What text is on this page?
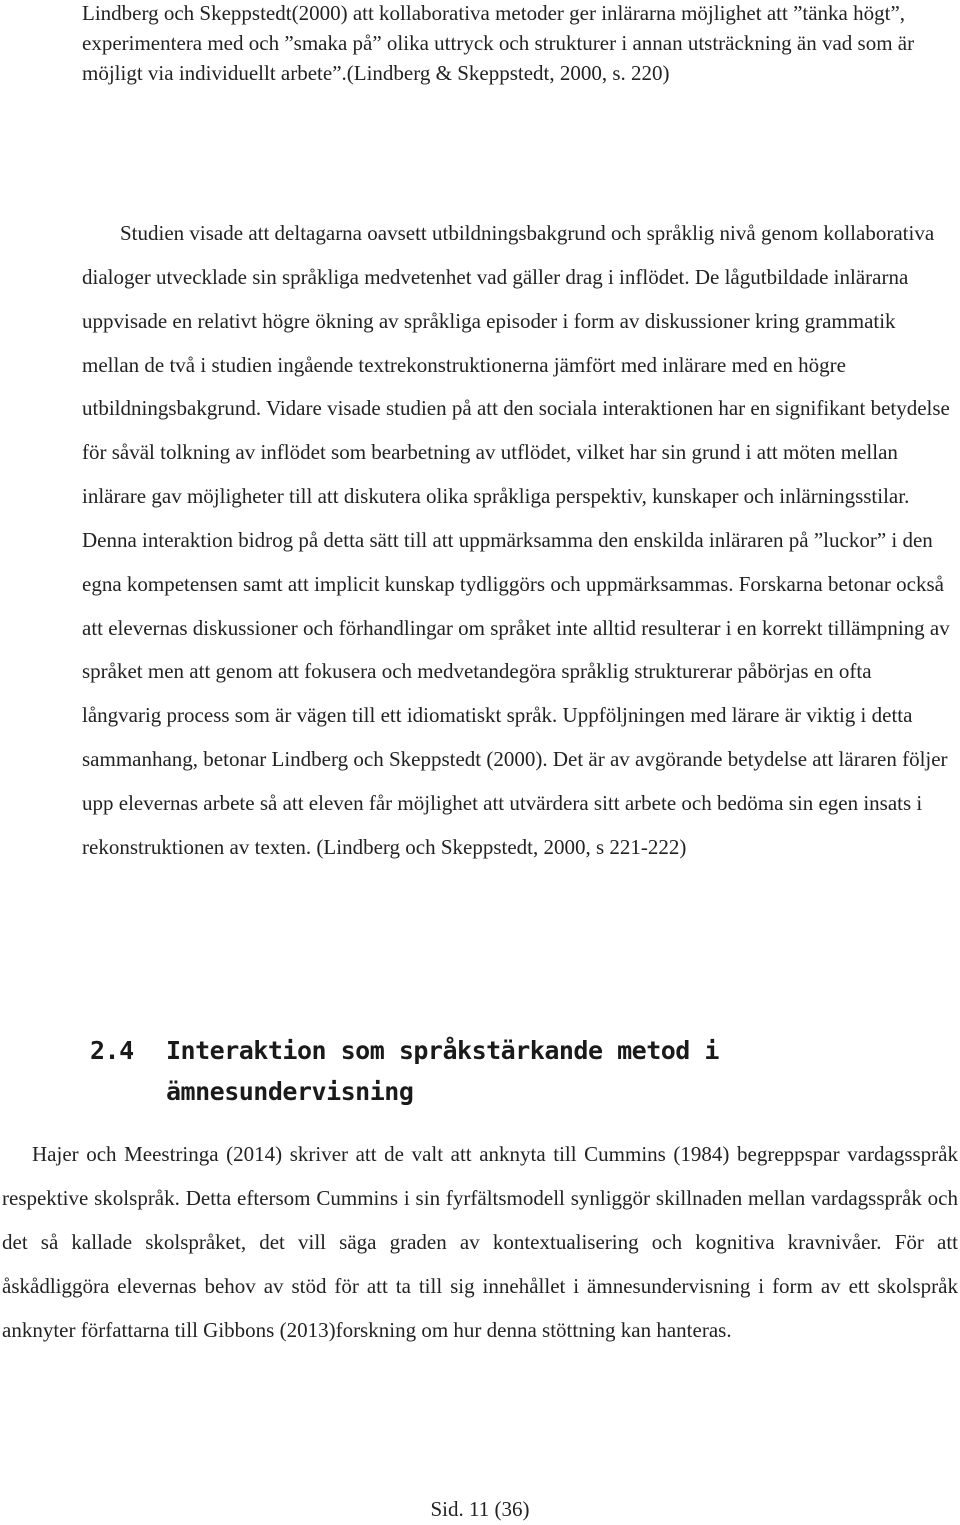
Lindberg och Skeppstedt(2000) att kollaborativa metoder ger inlärarna möjlighet att ”tänka högt”, experimentera med och ”smaka på” olika uttryck och strukturer i annan utsträckning än vad som är möjligt via individuellt arbete”.(Lindberg & Skeppstedt, 2000, s. 220)

Studien visade att deltagarna oavsett utbildningsbakgrund och språklig nivå genom kollaborativa dialoger utvecklade sin språkliga medvetenhet vad gäller drag i inflödet. De lågutbildade inlärarna uppvisade en relativt högre ökning av språkliga episoder i form av diskussioner kring grammatik mellan de två i studien ingående textrekonstruktionerna jämfört med inlärare med en högre utbildningsbakgrund. Vidare visade studien på att den sociala interaktionen har en signifikant betydelse för såväl tolkning av inflödet som bearbetning av utflödet, vilket har sin grund i att möten mellan inlärare gav möjligheter till att diskutera olika språkliga perspektiv, kunskaper och inlärningsstilar. Denna interaktion bidrog på detta sätt till att uppmärksamma den enskilda inläraren på ”luckor” i den egna kompetensen samt att implicit kunskap tydliggörs och uppmärksammas. Forskarna betonar också att elevernas diskussioner och förhandlingar om språket inte alltid resulterar i en korrekt tillämpning av språket men att genom att fokusera och medvetandegöra språklig strukturerar påbörjas en ofta långvarig process som är vägen till ett idiomatiskt språk. Uppföljningen med lärare är viktig i detta sammanhang, betonar Lindberg och Skeppstedt (2000). Det är av avgörande betydelse att läraren följer upp elevernas arbete så att eleven får möjlighet att utvärdera sitt arbete och bedöma sin egen insats i rekonstruktionen av texten. (Lindberg och Skeppstedt, 2000, s 221-222)

2.4 Interaktion som språkstärkande metod i ämnesundervisning

Hajer och Meestringa (2014) skriver att de valt att anknyta till Cummins (1984) begreppspar vardagsspråk respektive skolspråk. Detta eftersom Cummins i sin fyrfältsmodell synliggör skillnaden mellan vardagsspråk och det så kallade skolspråket, det vill säga graden av kontextualisering och kognitiva kravnivåer. För att åskådliggöra elevernas behov av stöd för att ta till sig innehållet i ämnesundervisning i form av ett skolspråk anknyter författarna till Gibbons (2013)forskning om hur denna stöttning kan hanteras.

Sid. 11 (36)
